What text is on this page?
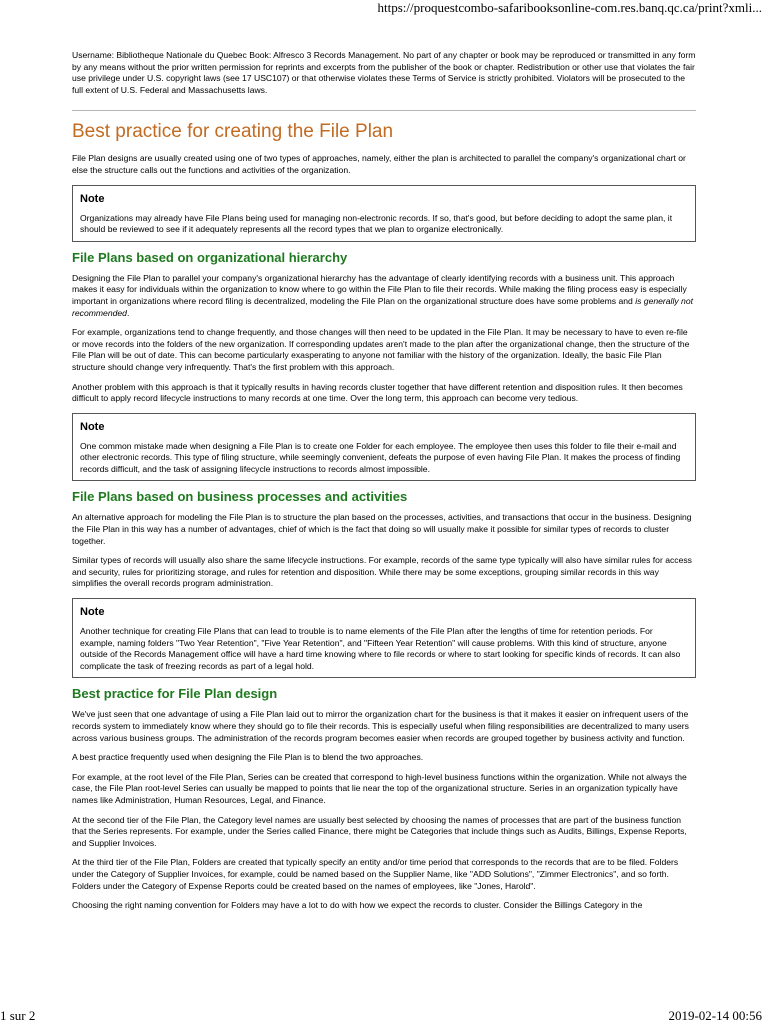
https://proquestcombo-safaribooksonline-com.res.banq.qc.ca/print?xmli...

Username: Bibliotheque Nationale du Quebec Book: Alfresco 3 Records Management. No part of any chapter or book may be reproduced or transmitted in any form by any means without the prior written permission for reprints and excerpts from the publisher of the book or chapter. Redistribution or other use that violates the fair use privilege under U.S. copyright laws (see 17 USC107) or that otherwise violates these Terms of Service is strictly prohibited. Violators will be prosecuted to the full extent of U.S. Federal and Massachusetts laws.

Best practice for creating the File Plan

File Plan designs are usually created using one of two types of approaches, namely, either the plan is architected to parallel the company's organizational chart or else the structure calls out the functions and activities of the organization.

Note

Organizations may already have File Plans being used for managing non-electronic records. If so, that's good, but before deciding to adopt the same plan, it should be reviewed to see if it adequately represents all the record types that we plan to organize electronically.

File Plans based on organizational hierarchy

Designing the File Plan to parallel your company's organizational hierarchy has the advantage of clearly identifying records with a business unit. This approach makes it easy for individuals within the organization to know where to go within the File Plan to file their records. While making the filing process easy is especially important in organizations where record filing is decentralized, modeling the File Plan on the organizational structure does have some problems and is generally not recommended.

For example, organizations tend to change frequently, and those changes will then need to be updated in the File Plan. It may be necessary to have to even re-file or move records into the folders of the new organization. If corresponding updates aren't made to the plan after the organizational change, then the structure of the File Plan will be out of date. This can become particularly exasperating to anyone not familiar with the history of the organization. Ideally, the basic File Plan structure should change very infrequently. That's the first problem with this approach.

Another problem with this approach is that it typically results in having records cluster together that have different retention and disposition rules. It then becomes difficult to apply record lifecycle instructions to many records at one time. Over the long term, this approach can become very tedious.

Note

One common mistake made when designing a File Plan is to create one Folder for each employee. The employee then uses this folder to file their e-mail and other electronic records. This type of filing structure, while seemingly convenient, defeats the purpose of even having File Plan. It makes the process of finding records difficult, and the task of assigning lifecycle instructions to records almost impossible.

File Plans based on business processes and activities

An alternative approach for modeling the File Plan is to structure the plan based on the processes, activities, and transactions that occur in the business. Designing the File Plan in this way has a number of advantages, chief of which is the fact that doing so will usually make it possible for similar types of records to cluster together.

Similar types of records will usually also share the same lifecycle instructions. For example, records of the same type typically will also have similar rules for access and security, rules for prioritizing storage, and rules for retention and disposition. While there may be some exceptions, grouping similar records in this way simplifies the overall records program administration.

Note

Another technique for creating File Plans that can lead to trouble is to name elements of the File Plan after the lengths of time for retention periods. For example, naming folders "Two Year Retention", "Five Year Retention", and "Fifteen Year Retention" will cause problems. With this kind of structure, anyone outside of the Records Management office will have a hard time knowing where to file records or where to start looking for specific kinds of records. It can also complicate the task of freezing records as part of a legal hold.

Best practice for File Plan design

We've just seen that one advantage of using a File Plan laid out to mirror the organization chart for the business is that it makes it easier on infrequent users of the records system to immediately know where they should go to file their records. This is especially useful when filing responsibilities are decentralized to many users across various business groups. The administration of the records program becomes easier when records are grouped together by business activity and function.

A best practice frequently used when designing the File Plan is to blend the two approaches.

For example, at the root level of the File Plan, Series can be created that correspond to high-level business functions within the organization. While not always the case, the File Plan root-level Series can usually be mapped to points that lie near the top of the organizational structure. Series in an organization typically have names like Administration, Human Resources, Legal, and Finance.

At the second tier of the File Plan, the Category level names are usually best selected by choosing the names of processes that are part of the business function that the Series represents. For example, under the Series called Finance, there might be Categories that include things such as Audits, Billings, Expense Reports, and Supplier Invoices.

At the third tier of the File Plan, Folders are created that typically specify an entity and/or time period that corresponds to the records that are to be filed. Folders under the Category of Supplier Invoices, for example, could be named based on the Supplier Name, like "ADD Solutions", "Zimmer Electronics", and so forth. Folders under the Category of Expense Reports could be created based on the names of employees, like "Jones, Harold".

Choosing the right naming convention for Folders may have a lot to do with how we expect the records to cluster. Consider the Billings Category in the

1 sur 2	2019-02-14 00:56
